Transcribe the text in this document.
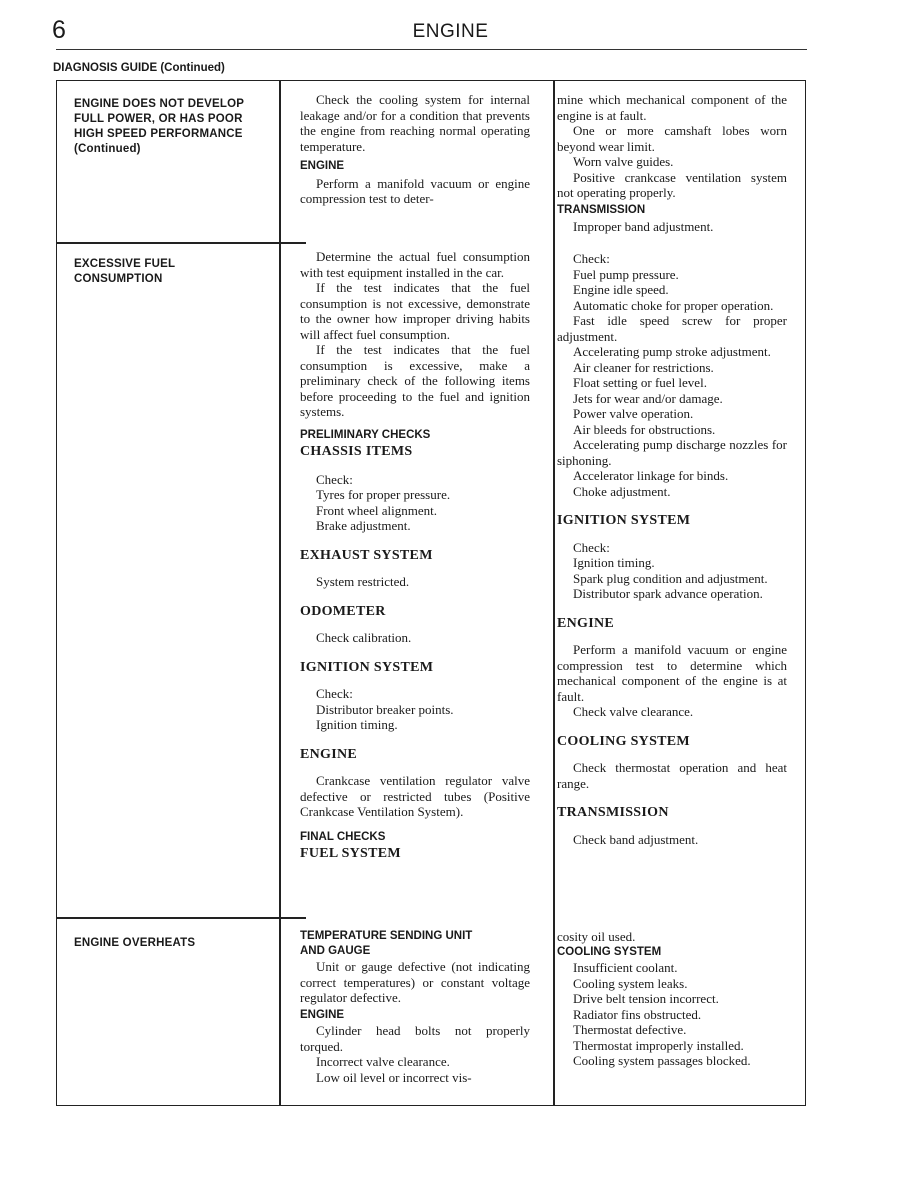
6	ENGINE
DIAGNOSIS GUIDE (Continued)
ENGINE DOES NOT DEVELOP
FULL POWER, OR HAS POOR
HIGH SPEED PERFORMANCE
(Continued)

Check the cooling system for internal leakage and/or for a condition that prevents the engine from reaching normal operating temperature.

ENGINE

Perform a manifold vacuum or engine compression test to deter-

mine which mechanical component of the engine is at fault.

One or more camshaft lobes worn beyond wear limit.

Worn valve guides.

Positive crankcase ventilation system not operating properly.

TRANSMISSION

Improper band adjustment.

EXCESSIVE FUEL
CONSUMPTION

Determine the actual fuel consumption with test equipment installed in the car.

If the test indicates that the fuel consumption is not excessive, demonstrate to the owner how improper driving habits will affect fuel consumption.

If the test indicates that the fuel consumption is excessive, make a preliminary check of the following items before proceeding to the fuel and ignition systems.

PRELIMINARY CHECKS
CHASSIS ITEMS

Check:

Tyres for proper pressure.

Front wheel alignment.

Brake adjustment.

EXHAUST SYSTEM

System restricted.

ODOMETER

Check calibration.

IGNITION SYSTEM

Check:

Distributor breaker points.

Ignition timing.

ENGINE

Crankcase ventilation regulator valve defective or restricted tubes (Positive Crankcase Ventilation System).

FINAL CHECKS
FUEL SYSTEM

Check:

Fuel pump pressure.

Engine idle speed.

Automatic choke for proper operation.

Fast idle speed screw for proper adjustment.

Accelerating pump stroke adjustment.

Air cleaner for restrictions.

Float setting or fuel level.

Jets for wear and/or damage.

Power valve operation.

Air bleeds for obstructions.

Accelerating pump discharge nozzles for siphoning.

Accelerator linkage for binds.

Choke adjustment.

IGNITION SYSTEM

Check:

Ignition timing.

Spark plug condition and adjustment.

Distributor spark advance operation.

ENGINE

Perform a manifold vacuum or engine compression test to determine which mechanical component of the engine is at fault.

Check valve clearance.

COOLING SYSTEM

Check thermostat operation and heat range.

TRANSMISSION

Check band adjustment.

ENGINE OVERHEATS
TEMPERATURE SENDING UNIT AND GAUGE

Unit or gauge defective (not indicating correct temperatures) or constant voltage regulator defective.

ENGINE

Cylinder head bolts not properly torqued.

Incorrect valve clearance.

Low oil level or incorrect vis-

cosity oil used.

COOLING SYSTEM

Insufficient coolant.

Cooling system leaks.

Drive belt tension incorrect.

Radiator fins obstructed.

Thermostat defective.

Thermostat improperly installed.

Cooling system passages blocked.
